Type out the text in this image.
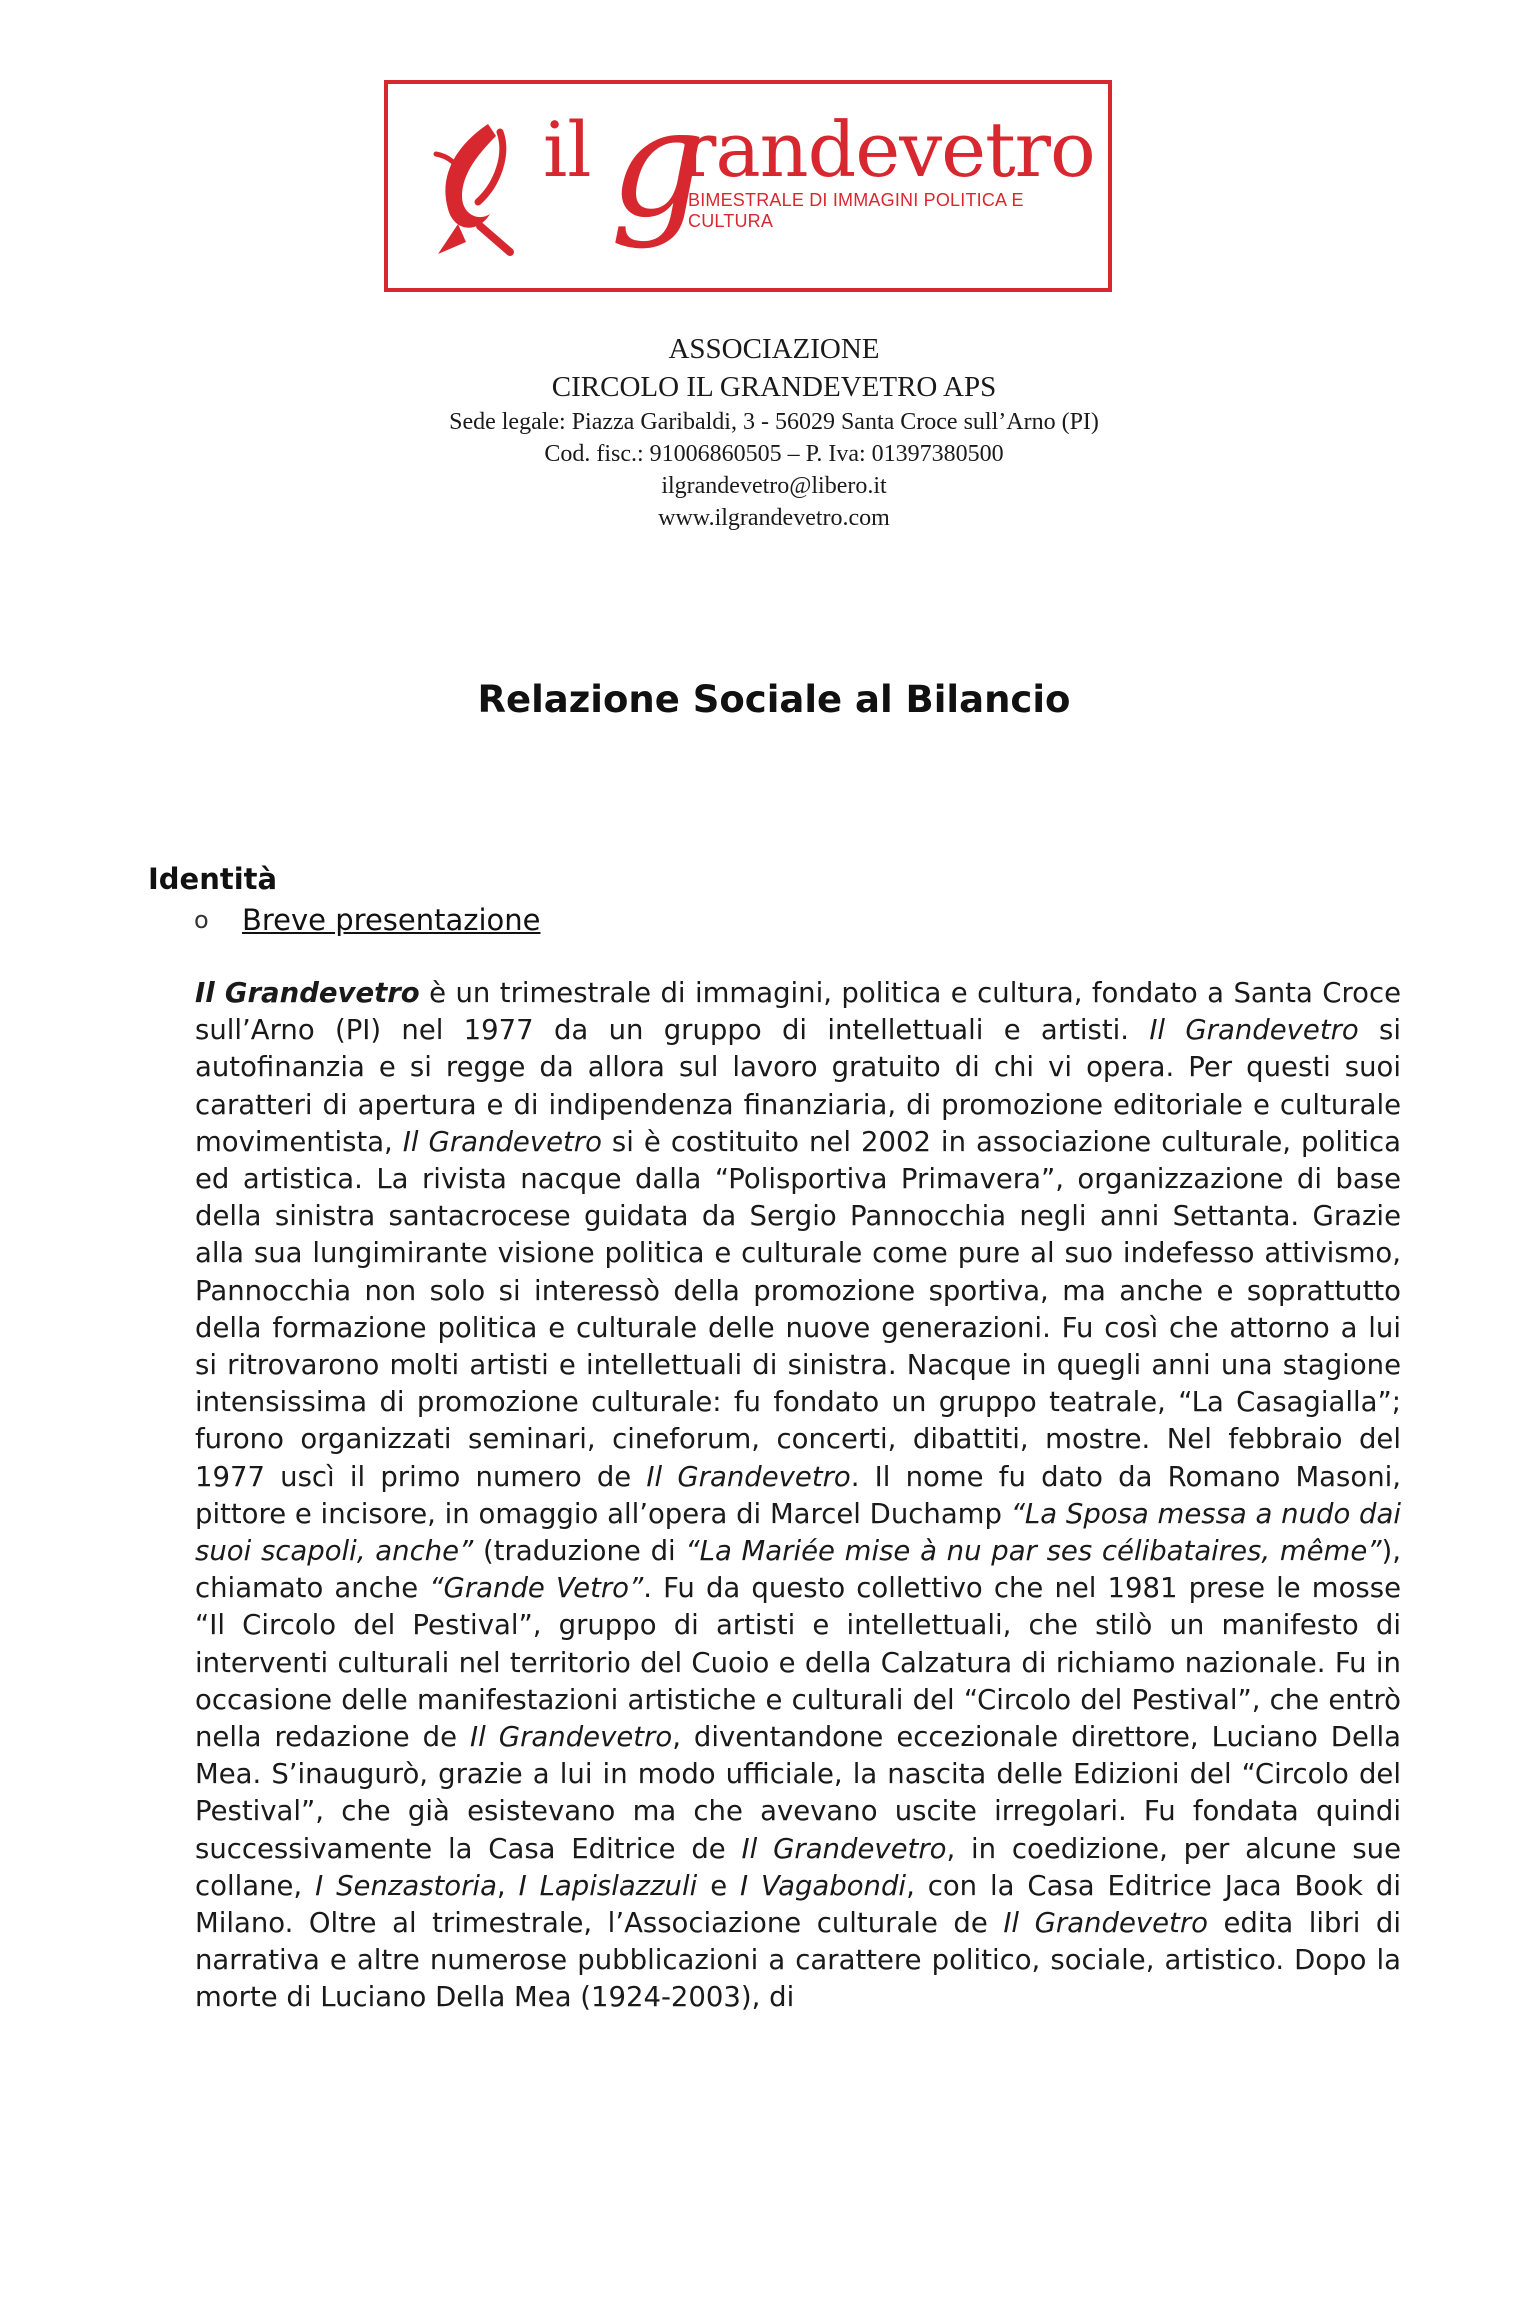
il g
randevetro
BIMESTRALE DI IMMAGINI POLITICA E CULTURA
ASSOCIAZIONE
CIRCOLO IL GRANDEVETRO APS
Sede legale: Piazza Garibaldi, 3 - 56029 Santa Croce sull’Arno (PI)
Cod. fisc.: 91006860505 – P. Iva: 01397380500
ilgrandevetro@libero.it
www.ilgrandevetro.com
Relazione Sociale al Bilancio
Identità
o Breve presentazione

Il Grandevetro è un trimestrale di immagini, politica e cultura, fondato a Santa Croce sull’Arno (PI) nel 1977 da un gruppo di intellettuali e artisti. Il Grandevetro si autofinanzia e si regge da allora sul lavoro gratuito di chi vi opera. Per questi suoi caratteri di apertura e di indipendenza finanziaria, di promozione editoriale e culturale movimentista, Il Grandevetro si è costituito nel 2002 in associazione culturale, politica ed artistica. La rivista nacque dalla “Polisportiva Primavera”, organizzazione di base della sinistra santacrocese guidata da Sergio Pannocchia negli anni Settanta. Grazie alla sua lungimirante visione politica e culturale come pure al suo indefesso attivismo, Pannocchia non solo si interessò della promozione sportiva, ma anche e soprattutto della formazione politica e culturale delle nuove generazioni. Fu così che attorno a lui si ritrovarono molti artisti e intellettuali di sinistra. Nacque in quegli anni una stagione intensissima di promozione culturale: fu fondato un gruppo teatrale, “La Casagialla”; furono organizzati seminari, cineforum, concerti, dibattiti, mostre. Nel febbraio del 1977 uscì il primo numero de Il Grandevetro. Il nome fu dato da Romano Masoni, pittore e incisore, in omaggio all’opera di Marcel Duchamp “La Sposa messa a nudo dai suoi scapoli, anche” (traduzione di “La Mariée mise à nu par ses célibataires, même”), chiamato anche “Grande Vetro”. Fu da questo collettivo che nel 1981 prese le mosse “Il Circolo del Pestival”, gruppo di artisti e intellettuali, che stilò un manifesto di interventi culturali nel territorio del Cuoio e della Calzatura di richiamo nazionale. Fu in occasione delle manifestazioni artistiche e culturali del “Circolo del Pestival”, che entrò nella redazione de Il Grandevetro, diventandone eccezionale direttore, Luciano Della Mea. S’inaugurò, grazie a lui in modo ufficiale, la nascita delle Edizioni del “Circolo del Pestival”, che già esistevano ma che avevano uscite irregolari. Fu fondata quindi successivamente la Casa Editrice de Il Grandevetro, in coedizione, per alcune sue collane, I Senzastoria, I Lapislazzuli e I Vagabondi, con la Casa Editrice Jaca Book di Milano. Oltre al trimestrale, l’Associazione culturale de Il Grandevetro edita libri di narrativa e altre numerose pubblicazioni a carattere politico, sociale, artistico. Dopo la morte di Luciano Della Mea (1924-2003), di
